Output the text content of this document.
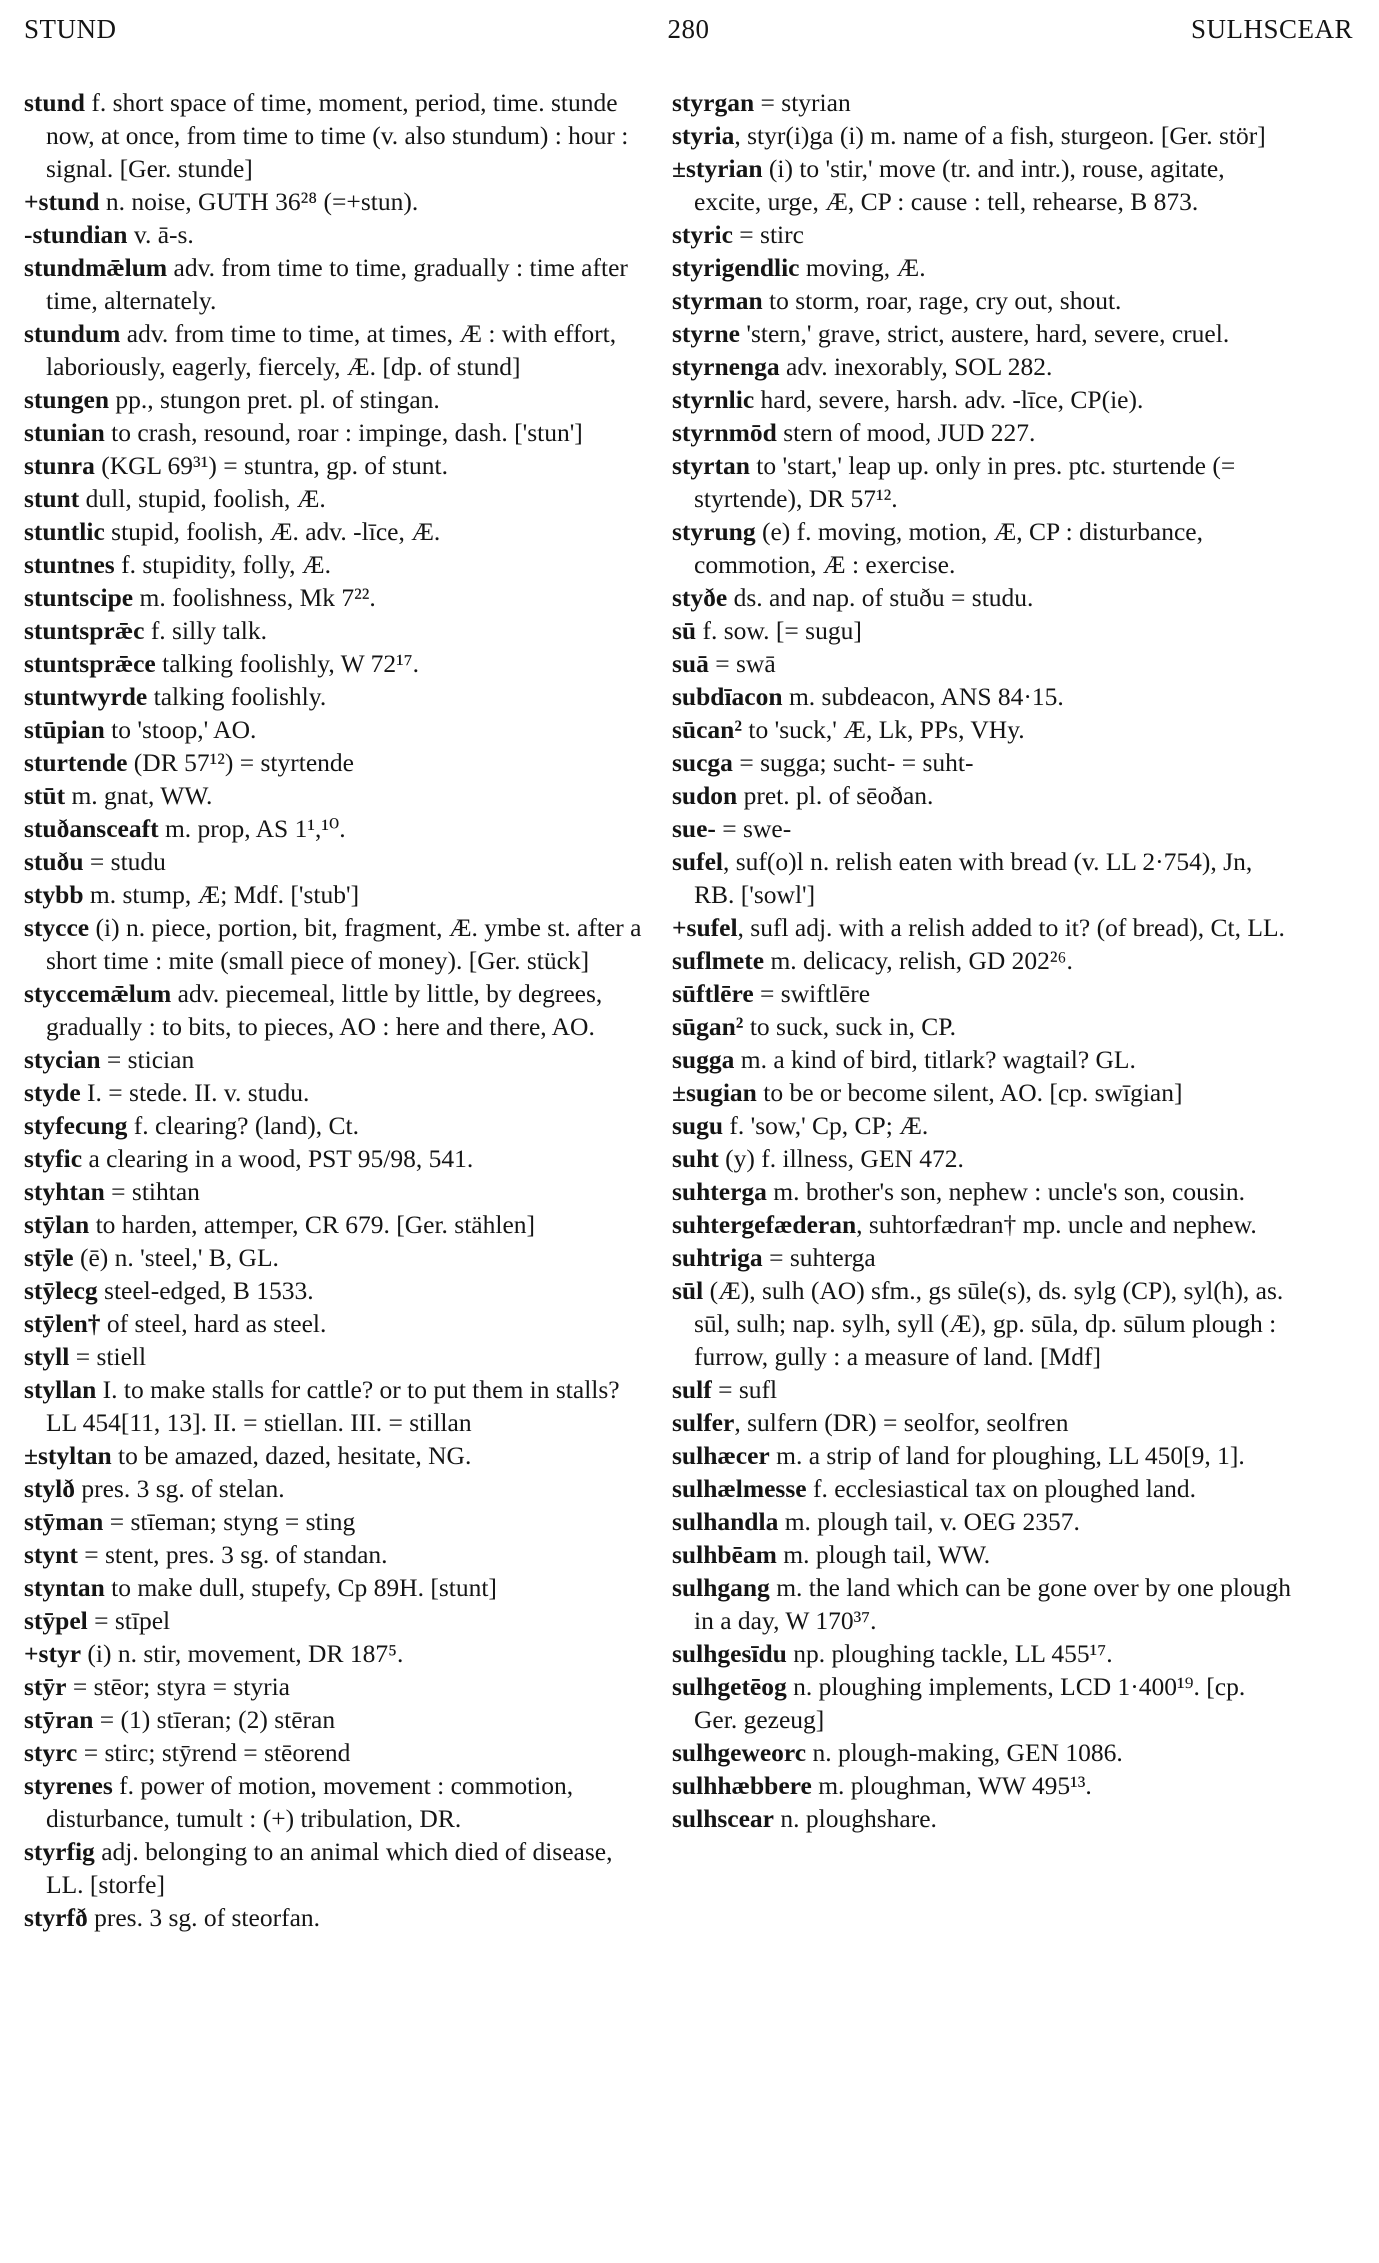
STUND	280	SULHSCEAR

stund f. short space of time, moment, period, time. stunde now, at once, from time to time (v. also stundum) : hour : signal. [Ger. stunde]

+stund n. noise, GUTH 36²⁸ (=+stun).

-stundian v. ā-s.

stundmǣlum adv. from time to time, gradually : time after time, alternately.

stundum adv. from time to time, at times, Æ : with effort, laboriously, eagerly, fiercely, Æ. [dp. of stund]

stungen pp., stungon pret. pl. of stingan.

stunian to crash, resound, roar : impinge, dash. ['stun']

stunra (KGL 69³¹) = stuntra, gp. of stunt.

stunt dull, stupid, foolish, Æ.

stuntlic stupid, foolish, Æ. adv. -līce, Æ.

stuntnes f. stupidity, folly, Æ.

stuntscipe m. foolishness, Mk 7²².

stuntsprǣc f. silly talk.

stuntsprǣce talking foolishly, W 72¹⁷.

stuntwyrde talking foolishly.

stūpian to 'stoop,' AO.

sturtende (DR 57¹²) = styrtende

stūt m. gnat, WW.

stuðansceaft m. prop, AS 1¹,¹⁰.

stuðu = studu

stybb m. stump, Æ; Mdf. ['stub']

stycce (i) n. piece, portion, bit, fragment, Æ. ymbe st. after a short time : mite (small piece of money). [Ger. stück]

styccemǣlum adv. piecemeal, little by little, by degrees, gradually : to bits, to pieces, AO : here and there, AO.

stycian = stician

styde I. = stede. II. v. studu.

styfecung f. clearing? (land), Ct.

styfic a clearing in a wood, PST 95/98, 541.

styhtan = stihtan

stȳlan to harden, attemper, CR 679. [Ger. stählen]

stȳle (ē) n. 'steel,' B, GL.

stȳlecg steel-edged, B 1533.

stȳlen† of steel, hard as steel.

styll = stiell

styllan I. to make stalls for cattle? or to put them in stalls? LL 454[11, 13]. II. = stiellan. III. = stillan

±styltan to be amazed, dazed, hesitate, NG.

stylð pres. 3 sg. of stelan.

stȳman = stīeman; styng = sting

stynt = stent, pres. 3 sg. of standan.

styntan to make dull, stupefy, Cp 89H. [stunt]

stȳpel = stīpel

+styr (i) n. stir, movement, DR 187⁵.

stȳr = stēor; styra = styria

stȳran = (1) stīeran; (2) stēran

styrc = stirc; stȳrend = stēorend

styrenes f. power of motion, movement : commotion, disturbance, tumult : (+) tribulation, DR.

styrfig adj. belonging to an animal which died of disease, LL. [storfe]

styrfð pres. 3 sg. of steorfan.

styrgan = styrian

styria, styr(i)ga (i) m. name of a fish, sturgeon. [Ger. stör]

±styrian (i) to 'stir,' move (tr. and intr.), rouse, agitate, excite, urge, Æ, CP : cause : tell, rehearse, B 873.

styric = stirc

styrigendlic moving, Æ.

styrman to storm, roar, rage, cry out, shout.

styrne 'stern,' grave, strict, austere, hard, severe, cruel.

styrnenga adv. inexorably, SOL 282.

styrnlic hard, severe, harsh. adv. -līce, CP(ie).

styrnmōd stern of mood, JUD 227.

styrtan to 'start,' leap up. only in pres. ptc. sturtende (= styrtende), DR 57¹².

styrung (e) f. moving, motion, Æ, CP : disturbance, commotion, Æ : exercise.

styðe ds. and nap. of stuðu = studu.

sū f. sow. [= sugu]

suā = swā

subdīacon m. subdeacon, ANS 84·15.

sūcan² to 'suck,' Æ, Lk, PPs, VHy.

sucga = sugga; sucht- = suht-

sudon pret. pl. of sēoðan.

sue- = swe-

sufel, suf(o)l n. relish eaten with bread (v. LL 2·754), Jn, RB. ['sowl']

+sufel, sufl adj. with a relish added to it? (of bread), Ct, LL.

suflmete m. delicacy, relish, GD 202²⁶.

sūftlēre = swiftlēre

sūgan² to suck, suck in, CP.

sugga m. a kind of bird, titlark? wagtail? GL.

±sugian to be or become silent, AO. [cp. swīgian]

sugu f. 'sow,' Cp, CP; Æ.

suht (y) f. illness, GEN 472.

suhterga m. brother's son, nephew : uncle's son, cousin.

suhtergefæderan, suhtorfædran† mp. uncle and nephew.

suhtriga = suhterga

sūl (Æ), sulh (AO) sfm., gs sūle(s), ds. sylg (CP), syl(h), as. sūl, sulh; nap. sylh, syll (Æ), gp. sūla, dp. sūlum plough : furrow, gully : a measure of land. [Mdf]

sulf = sufl

sulfer, sulfern (DR) = seolfor, seolfren

sulhæcer m. a strip of land for ploughing, LL 450[9, 1].

sulhælmesse f. ecclesiastical tax on ploughed land.

sulhandla m. plough tail, v. OEG 2357.

sulhbēam m. plough tail, WW.

sulhgang m. the land which can be gone over by one plough in a day, W 170³⁷.

sulhgesīdu np. ploughing tackle, LL 455¹⁷.

sulhgetēog n. ploughing implements, LCD 1·400¹⁹. [cp. Ger. gezeug]

sulhgeweorc n. plough-making, GEN 1086.

sulhhæbbere m. ploughman, WW 495¹³.

sulhscear n. ploughshare.
